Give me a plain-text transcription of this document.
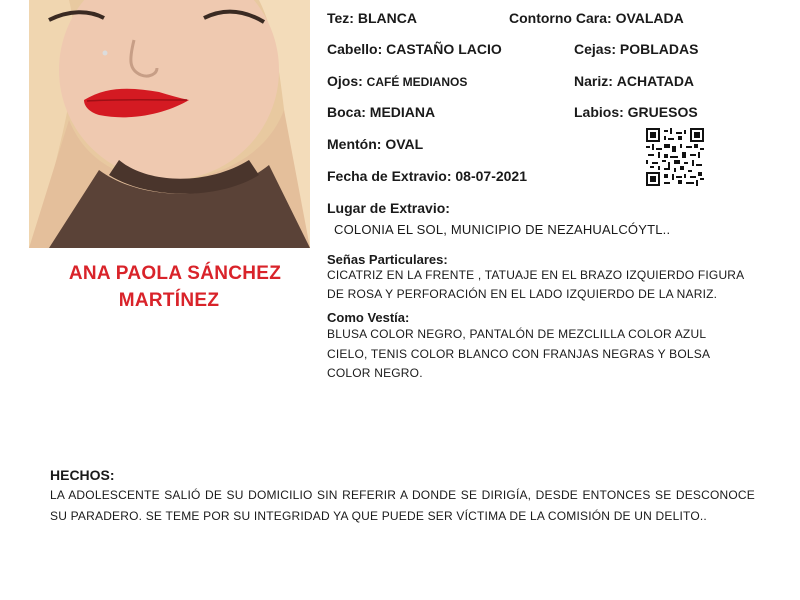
ANA PAOLA SÁNCHEZ
MARTÍNEZ
Tez: BLANCA	Contorno Cara: OVALADA
Cabello: CASTAÑO LACIO	Cejas: POBLADAS
Ojos: CAFÉ MEDIANOS	Nariz: ACHATADA
Boca: MEDIANA	Labios: GRUESOS
Mentón: OVAL
Fecha de Extravio: 08-07-2021
Lugar de Extravio:
COLONIA EL SOL, MUNICIPIO DE NEZAHUALCÓYTL..
Señas Particulares:
CICATRIZ EN LA FRENTE , TATUAJE EN EL BRAZO IZQUIERDO FIGURA
DE ROSA Y PERFORACIÓN EN EL LADO IZQUIERDO DE LA NARIZ.
Como Vestía:
BLUSA COLOR NEGRO, PANTALÓN DE MEZCLILLA COLOR AZUL
CIELO, TENIS COLOR BLANCO CON FRANJAS NEGRAS Y BOLSA
COLOR NEGRO.
HECHOS:
LA ADOLESCENTE SALIÓ DE SU DOMICILIO SIN REFERIR A DONDE SE DIRIGÍA, DESDE ENTONCES SE DESCONOCE SU PARADERO. SE TEME POR SU INTEGRIDAD YA QUE PUEDE SER VÍCTIMA DE LA COMISIÓN DE UN DELITO..
